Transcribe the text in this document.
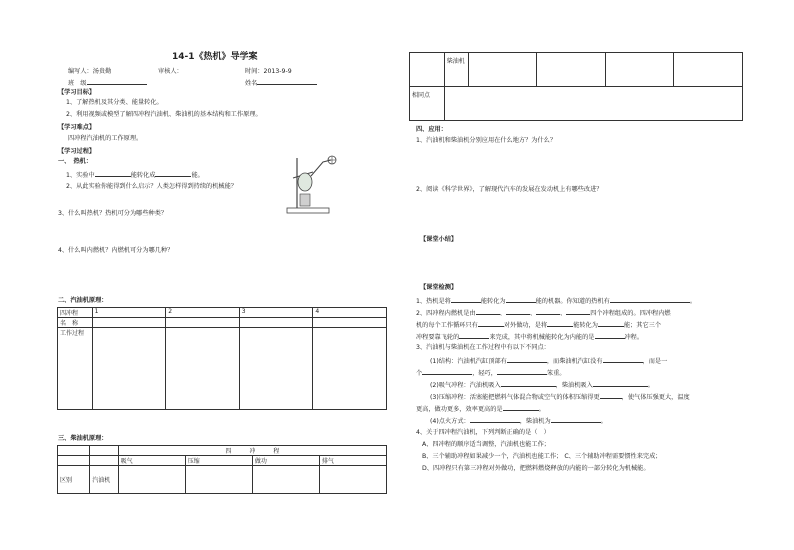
14-1《热机》导学案
编写人：汤贵勤	审核人：	时间：2013-9-9
班　级	姓名
【学习目标】
1、了解热机及其分类、能量转化。
2、利用视频或模型了解四冲程汽油机、柴油机的基本结构和工作原理。
【学习难点】
四冲程汽油机的工作原理。
【学习过程】
一、　热机：
1、实验中	能转化成	能。
2、从此实验你能得到什么启示？人类怎样得到持续的机械能？
3、什么叫热机？热机可分为哪些种类？
4、什么叫内燃机？内燃机可分为哪几种？
二、汽油机原理：
四冲程	1	2	3	4
名　称				
工作过程				
三、柴油机原理：
		四　　　冲　　　程			
		吸气	压缩	做功	排气
区别	汽油机				
	柴油机				
相同点					
四、应用：
1、汽油机和柴油机分别应用在什么地方？为什么？
2、阅读《科学世界》，了解现代汽车的发展在发动机上有哪些改进？
【课堂小结】
【课堂检测】
1、热机是将	能转化为	能的机器。你知道的热机有	。
2、四冲程内燃机是由	、	、	、	四个冲程组成的。四冲程内燃
机的每个工作循环只有	对外做功，是将	能转化为	能；其它三个
冲程要靠飞轮的	来完成，其中将机械能转化为内能的是	冲程。
3、汽油机与柴油机在工作过程中有以下不同点：
(1)结构：汽油机汽缸顶部有	，而柴油机汽缸没有	，而是一
个	，轻巧，	笨重。
(2)吸气冲程：汽油机吸入	，柴油机吸入	。
(3)压缩冲程：活塞能把燃料气体混合物或空气的体积压缩得更	，使气体压强更大，温度
更高，做功更多，效率更高的是	。
(4)点火方式：	，柴油机为	。
4、关于四冲程汽油机，下列判断正确的是（　）
A、四冲程的顺序适当调整，汽油机也能工作；
B、三个辅助冲程如果减少一个，汽油机也能工作； C、三个辅助冲程需要惯性来完成；
D、四冲程只有第三冲程对外做功，把燃料燃烧释放的内能的一部分转化为机械能。
